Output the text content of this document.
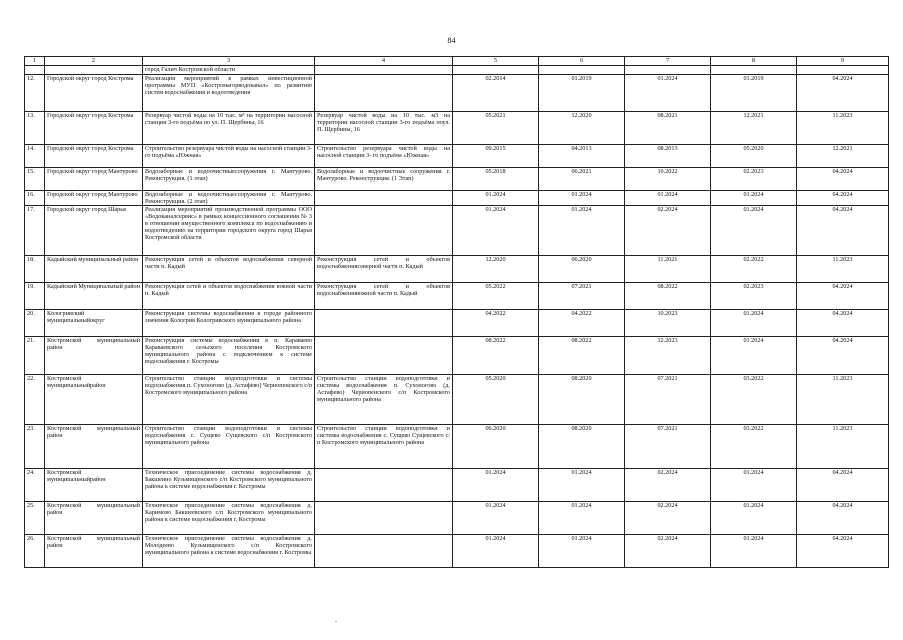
84
1	2	3	4	5	6	7	8	9
		город Галич Костромской области						
12.	Городской округ город Кострома	Реализация мероприятий в рамках инвестиционной программы МУП «Костромагорводоканал» по развитию систем водоснабжения и водоотведения		02.2014	01.2019	01.2024	01.2019	04.2024
13.	Городской округ город Кострома	Резервуар чистой воды на 10 тыс. м³ на территории насосной станции 3-го подъёма по ул. П. Щербины, 16	Резервуар чистой воды на 10 тыс. м3 на территории насосной станции 3-го подъёма поул. П. Щербины, 16	05.2021	12.2020	08.2021	12.2021	11.2023
14.	Городской округ город Кострома	Строительство резервуара чистой воды на насосной станции 3-го подъёма «Южная»	Строительство резервуара чистой воды на насосной станции 3- го подъёма «Южная»	09.2015	04.2013	08.2013	05.2020	12.2021
15.	Городской округ город Мантурово	Водозаборные и водоочистныесооружения г. Мантурово. Реконструкция. (1 этап)	Водозаборные и водоочистные сооружения г. Мантурово. Реконструкция. (1 Этап)	05.2018	06.2021	10.2022	02.2023	04.2024
16.	Городской округ город Мантурово	Водозаборные и водоочистныесооружения г. Мантурово. Реконструкция. (2 этап)		01.2024	01.2024	01.2024	01.2024	04.2024
17.	Городской округ город Шарья	Реализация мероприятий производственной программы ООО «Водоканалсервис» в рамках концессионного соглашения № 3 в отношении имущественного комплекса по водоснабжению и водоотведению на территории городского округа город Шарья Костромской области		01.2024	01.2024	02.2024	01.2024	04.2024
18.	Кадыйский муниципальный район	Реконструкция сетей и объектов водоснабжения северной части п. Кадый	Реконструкция сетей и объектов водоснабжениясеверной части п. Кадый	12.2020	06.2020	11.2021	02.2022	11.2023
19.	Кадыйский Муниципальный район	Реконструкция сетей и объектов водоснабжения южной части п. Кадый	Реконструкция сетей и объектов водоснабженияюжной части п. Кадый	05.2022	07.2021	08.2022	02.2023	04.2024
20.	Кологривский муниципальныйокруг	Реконструкция системы водоснабжения в городе районного значения Кологрив Кологривского муниципального района		04.2022	04.2022	10.2023	01.2024	04.2024
21.	Костромской муниципальный район	Реконструкция системы водоснабжения в п. Караваево Караваевского сельского поселения Костромского муниципального района с подключением к системе водоснабжения г. Костромы		08.2022	08.2022	12.2023	01.2024	04.2024
22.	Костромской муниципальныйрайон	Строительство станции водоподготовки и системы водоснабжения п. Сухоногово (д. Астафево) Чернопенского с/п Костромского муниципального района	Строительство станции водоподготовки и системы водоснабжения п. Сухоногово (д. Астафево) Чернопенского с/п Костромского муниципального района	05.2020	08.2020	07.2021	03.2022	11.2023
23.	Костромской муниципальный район	Строительство станции водоподготовки и системы водоснабжения с. Сущево Сущевского с/п Костромского муниципального района	Строительство станции водоподготовки и системы водоснабжения с. Сущево Сущевского с/п Костромского муниципального района	06.2020	08.2020	07.2021	03.2022	11.2023
24.	Костромской муниципальныйрайон	Техническое присоединение системы водоснабжения д. Бакшеино Кузьмищенского с/п Костромского муниципального района к системе водоснабжения г. Костромы		01.2024	01.2024	02.2024	01.2024	04.2024
25.	Костромской муниципальный район	Техническое присоединение системы водоснабжения д. Каримово Бакшеевского с/п Костромского муниципального района к системе водоснабжения г. Костромы		01.2024	01.2024	02.2024	01.2024	04.2024
26.	Костромской муниципальный район	Техническое присоединение системы водоснабжения д. Молодеево Кузьмищенского с/п Костромского муниципального района к системе водоснабжения г. Костромы		01.2024	01.2024	02.2024	01.2024	04.2024
-
